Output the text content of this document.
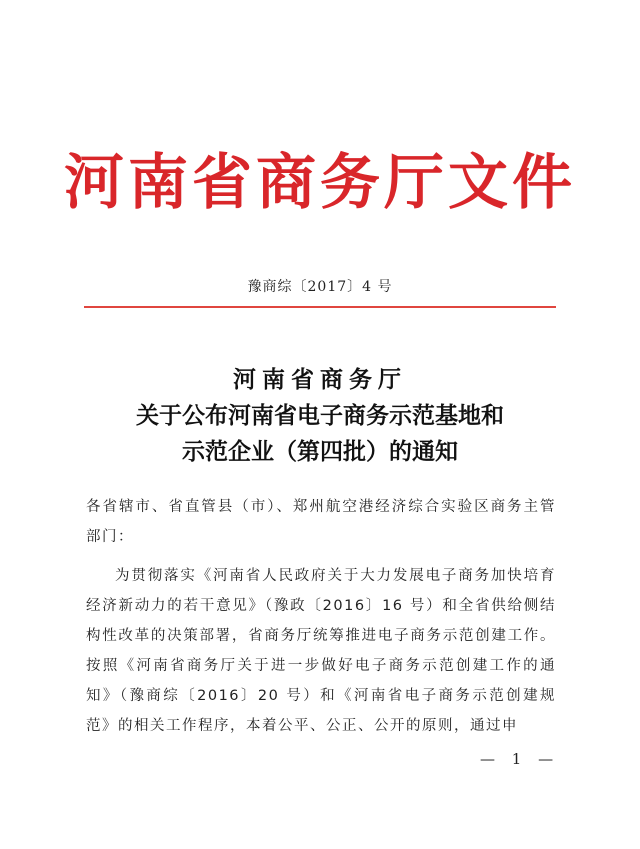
河南省商务厅文件
豫商综〔2017〕4 号
河南省商务厅
关于公布河南省电子商务示范基地和
示范企业（第四批）的通知

各省辖市、省直管县（市）、郑州航空港经济综合实验区商务主管部门：

为贯彻落实《河南省人民政府关于大力发展电子商务加快培育经济新动力的若干意见》（豫政〔2016〕16 号）和全省供给侧结构性改革的决策部署，省商务厅统筹推进电子商务示范创建工作。按照《河南省商务厅关于进一步做好电子商务示范创建工作的通知》（豫商综〔2016〕20 号）和《河南省电子商务示范创建规范》的相关工作程序，本着公平、公正、公开的原则，通过申

— 1 —
